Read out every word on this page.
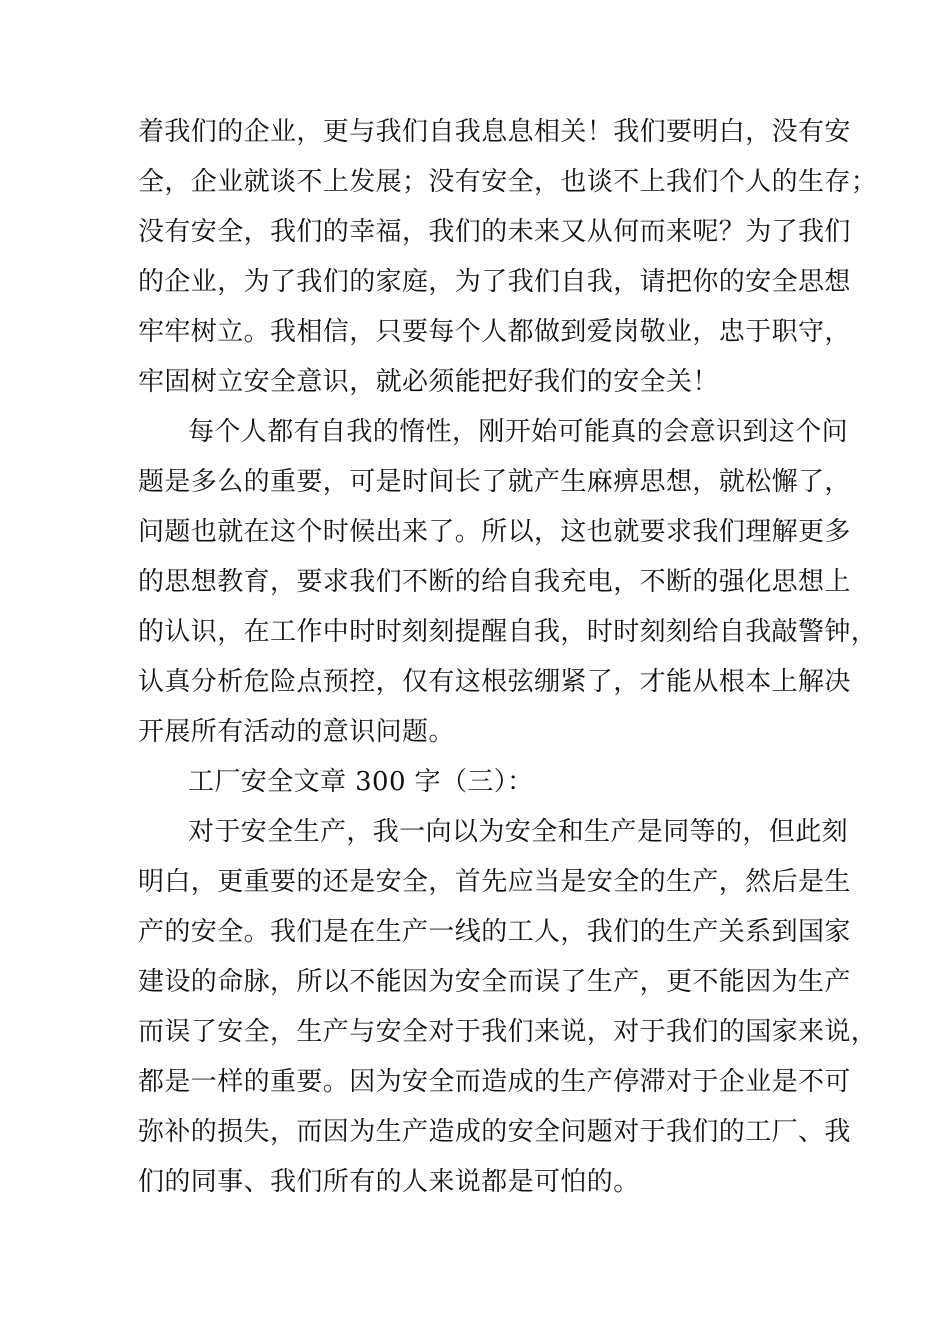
着我们的企业，更与我们自我息息相关！我们要明白，没有安
全，企业就谈不上发展；没有安全，也谈不上我们个人的生存；
没有安全，我们的幸福，我们的未来又从何而来呢？为了我们
的企业，为了我们的家庭，为了我们自我，请把你的安全思想
牢牢树立。我相信，只要每个人都做到爱岗敬业，忠于职守，
牢固树立安全意识，就必须能把好我们的安全关！
每个人都有自我的惰性，刚开始可能真的会意识到这个问
题是多么的重要，可是时间长了就产生麻痹思想，就松懈了，
问题也就在这个时候出来了。所以，这也就要求我们理解更多
的思想教育，要求我们不断的给自我充电，不断的强化思想上
的认识，在工作中时时刻刻提醒自我，时时刻刻给自我敲警钟，
认真分析危险点预控，仅有这根弦绷紧了，才能从根本上解决
开展所有活动的意识问题。
工厂安全文章 300 字（三）：
对于安全生产，我一向以为安全和生产是同等的，但此刻
明白，更重要的还是安全，首先应当是安全的生产，然后是生
产的安全。我们是在生产一线的工人，我们的生产关系到国家
建设的命脉，所以不能因为安全而误了生产，更不能因为生产
而误了安全，生产与安全对于我们来说，对于我们的国家来说，
都是一样的重要。因为安全而造成的生产停滞对于企业是不可
弥补的损失，而因为生产造成的安全问题对于我们的工厂、我
们的同事、我们所有的人来说都是可怕的。
